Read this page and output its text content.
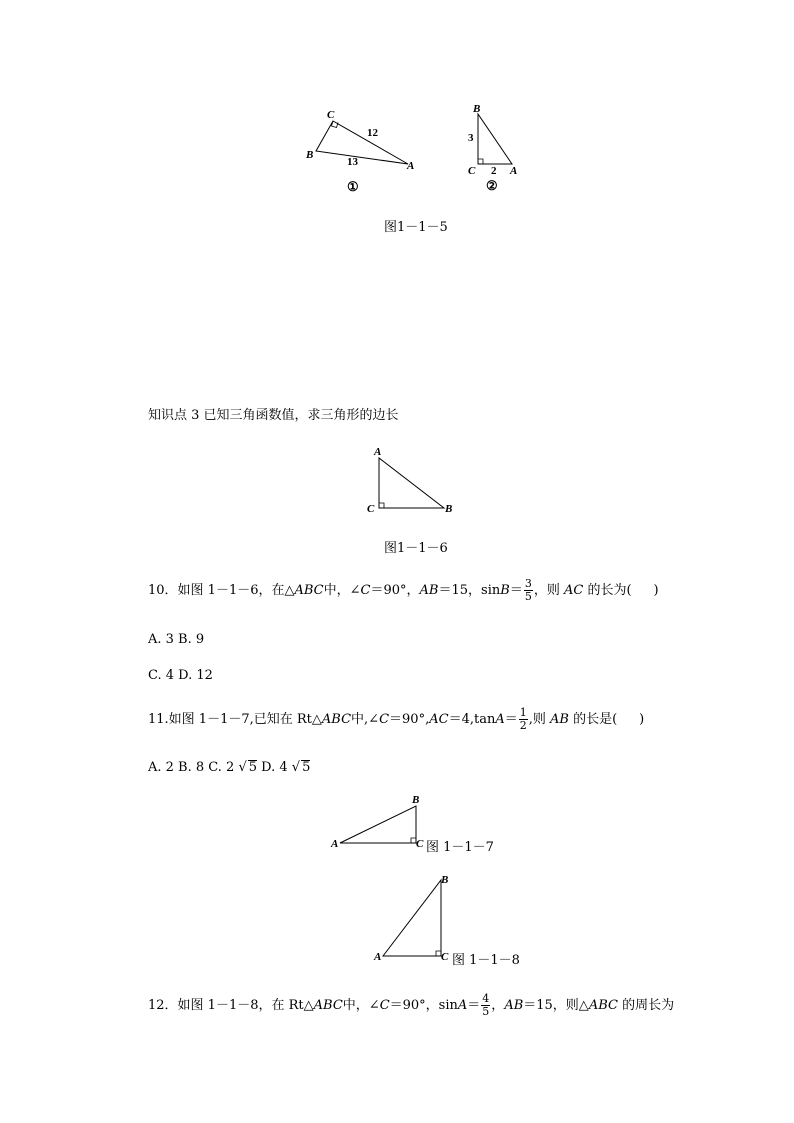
C
B
A
12
13
①
B
C	A
3
2
②
图1－1－5
知识点 3 已知三角函数值，求三角形的边长
A
C	B
图1－1－6
10．如图 1－1－6，在△ABC中，∠C＝90°，AB＝15，$\sin B= \frac{3}{5}$ ，则 AC 的长为( )
A. 3 B. 9
C. 4 D. 12
11.如图 1－1－7,已知在 Rt△ABC中,∠C＝90°,AC＝4,tanA＝ $\frac{1}{2}$ ,则 AB 的长是( )
A. 2 B. 8 C. 2 √ 5 D. 4 √ 5
A
B
C 图 1－1－7
A
B
C 图 1－1－8
12．如图 1－1－8，在 Rt△ABC中，∠C＝90°，$\sin A= \frac{4}{5}$ ，AB＝15，则△ABC 的周长为
